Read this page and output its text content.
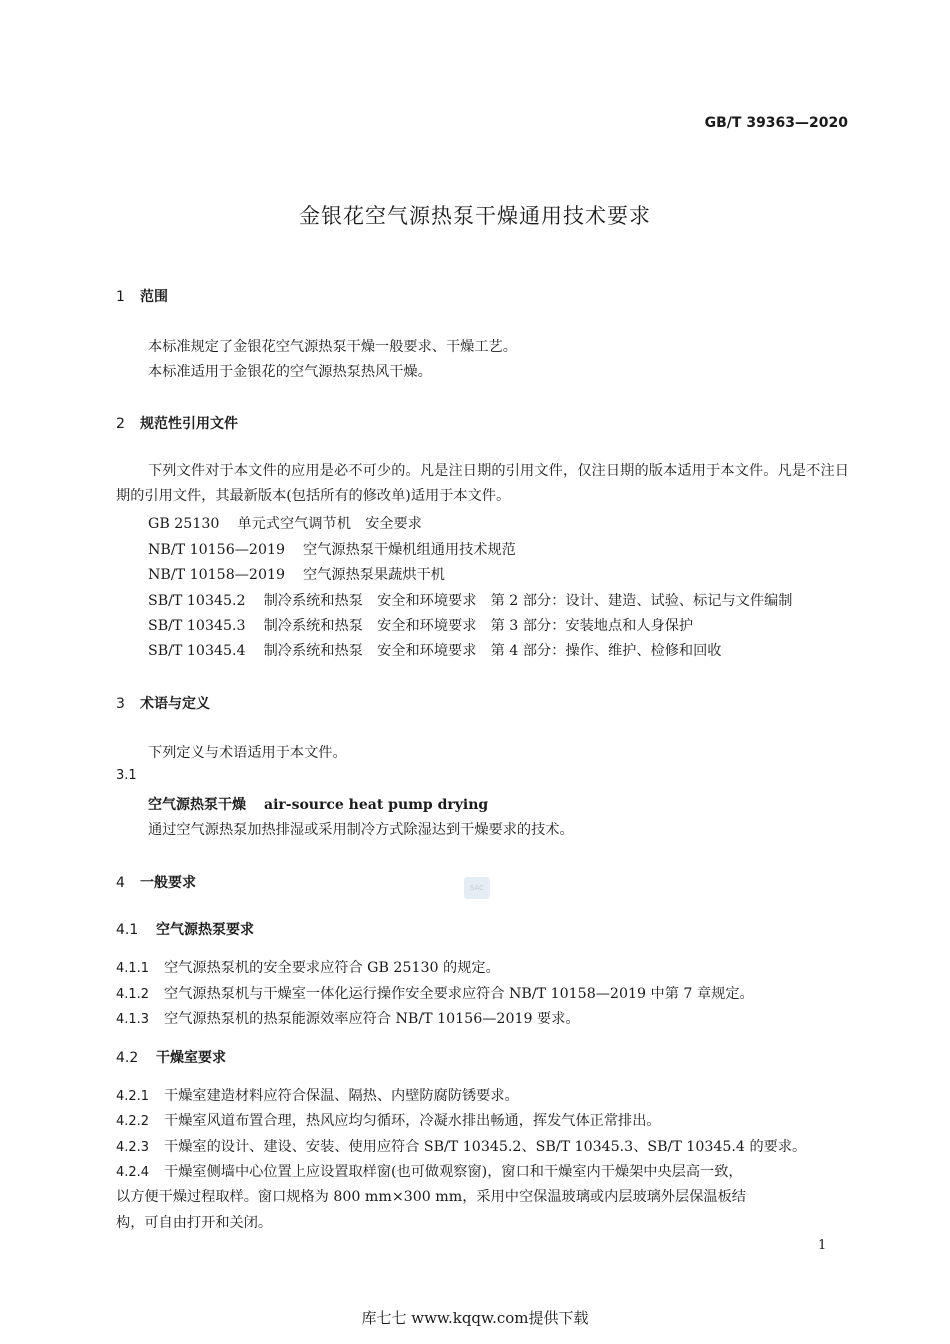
GB/T 39363—2020
金银花空气源热泵干燥通用技术要求
1 范围
本标准规定了金银花空气源热泵干燥一般要求、干燥工艺。
本标准适用于金银花的空气源热泵热风干燥。
2 规范性引用文件
下列文件对于本文件的应用是必不可少的。凡是注日期的引用文件，仅注日期的版本适用于本文件。凡是不注日期的引用文件，其最新版本(包括所有的修改单)适用于本文件。
GB 25130 单元式空气调节机　安全要求
NB/T 10156—2019 空气源热泵干燥机组通用技术规范
NB/T 10158—2019 空气源热泵果蔬烘干机
SB/T 10345.2 制冷系统和热泵　安全和环境要求　第 2 部分：设计、建造、试验、标记与文件编制
SB/T 10345.3 制冷系统和热泵　安全和环境要求　第 3 部分：安装地点和人身保护
SB/T 10345.4 制冷系统和热泵　安全和环境要求　第 4 部分：操作、维护、检修和回收
3 术语与定义
下列定义与术语适用于本文件。
3.1
空气源热泵干燥 air-source heat pump drying
通过空气源热泵加热排湿或采用制冷方式除湿达到干燥要求的技术。
4 一般要求	SAC
4.1 空气源热泵要求
4.1.1 空气源热泵机的安全要求应符合 GB 25130 的规定。
4.1.2 空气源热泵机与干燥室一体化运行操作安全要求应符合 NB/T 10158—2019 中第 7 章规定。
4.1.3 空气源热泵机的热泵能源效率应符合 NB/T 10156—2019 要求。
4.2 干燥室要求
4.2.1 干燥室建造材料应符合保温、隔热、内壁防腐防锈要求。
4.2.2 干燥室风道布置合理，热风应均匀循环，冷凝水排出畅通，挥发气体正常排出。
4.2.3 干燥室的设计、建设、安装、使用应符合 SB/T 10345.2、SB/T 10345.3、SB/T 10345.4 的要求。
4.2.4 干燥室侧墙中心位置上应设置取样窗(也可做观察窗)，窗口和干燥室内干燥架中央层高一致，
以方便干燥过程取样。窗口规格为 800 mm×300 mm，采用中空保温玻璃或内层玻璃外层保温板结
构，可自由打开和关闭。
1
库七七 www.kqqw.com提供下载
